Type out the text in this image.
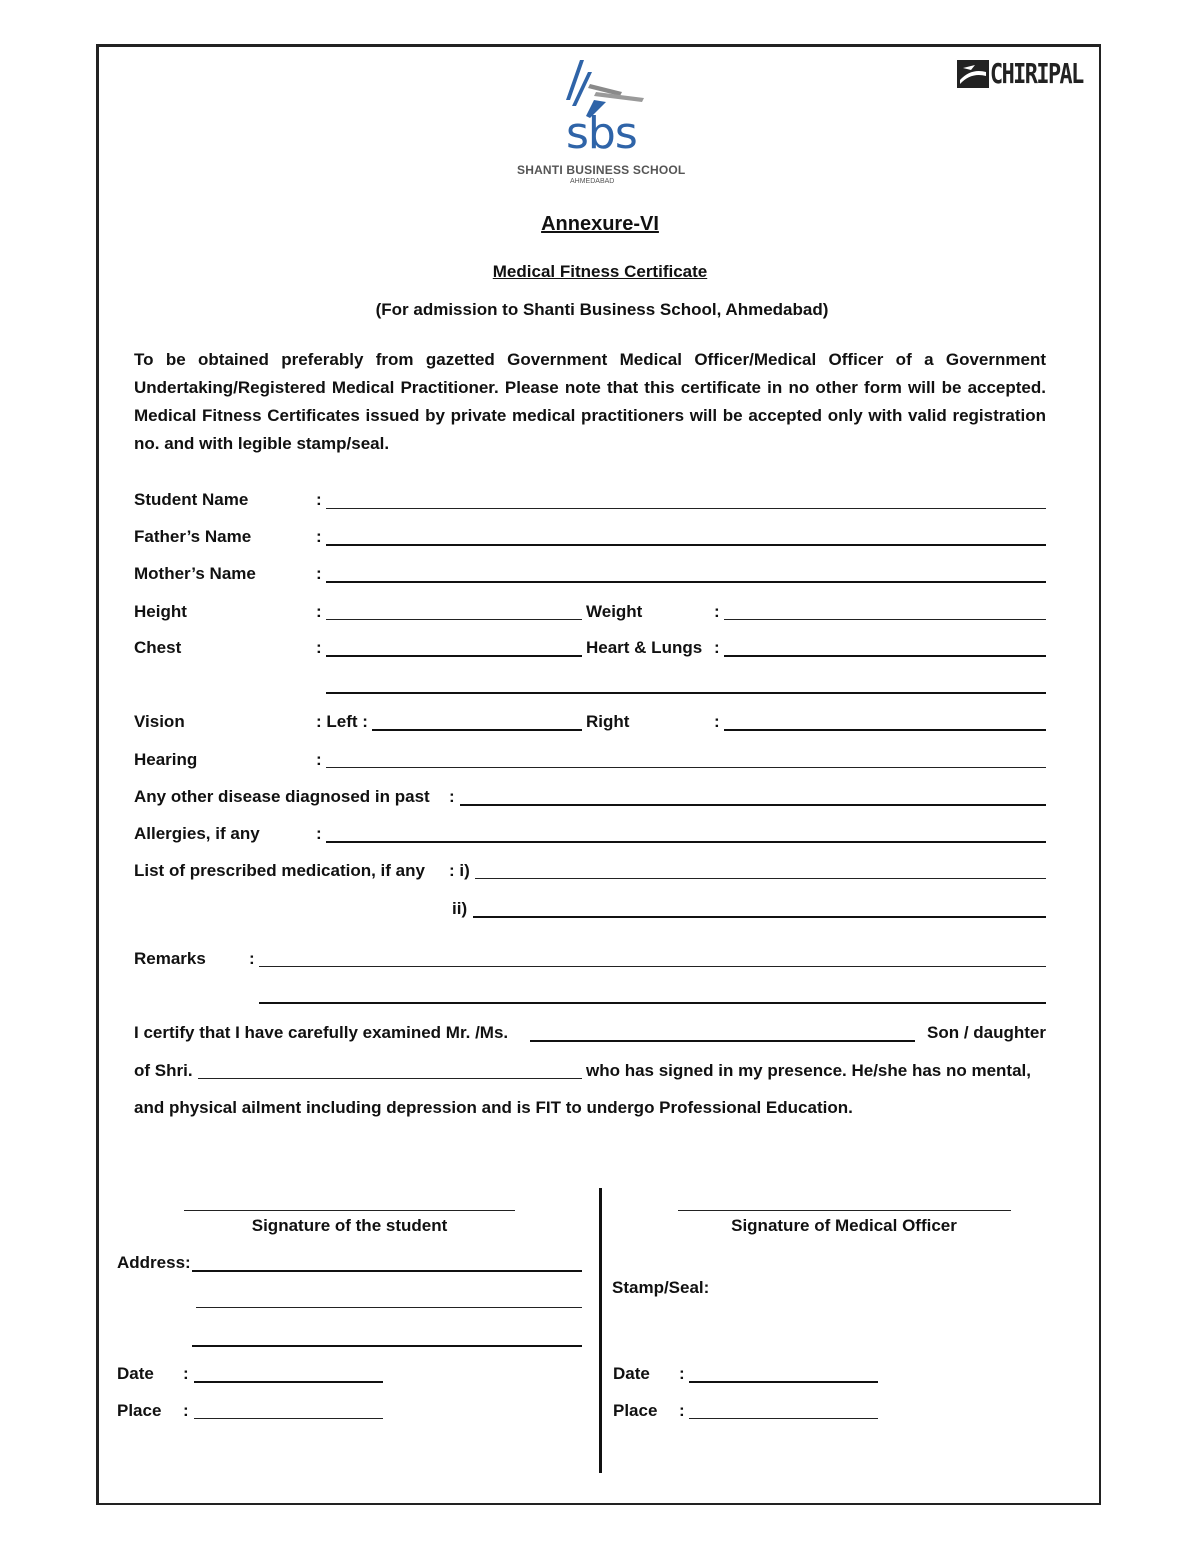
sbs
SHANTI BUSINESS SCHOOL
AHMEDABAD
CHIRIPAL
Annexure-VI
Medical Fitness Certificate
(For admission to Shanti Business School, Ahmedabad)
To be obtained preferably from gazetted Government Medical Officer/Medical Officer of a Government Undertaking/Registered Medical Practitioner. Please note that this certificate in no other form will be accepted. Medical Fitness Certificates issued by private medical practitioners will be accepted only with valid registration no. and with legible stamp/seal.
Student Name	:
Father’s Name	:
Mother’s Name	:
Height	:	Weight	:
Chest	:	Heart & Lungs :
Vision	: Left :	Right	:
Hearing	:
Any other disease diagnosed in past :
Allergies, if any	:
List of prescribed medication, if any : i)
ii)
Remarks	:
I certify that I have carefully examined Mr. /Ms.	Son / daughter
of Shri.	who has signed in my presence. He/she has no mental,
and physical ailment including depression and is FIT to undergo Professional Education.
Signature of the student
Address:
Date :
Place :
Signature of Medical Officer
Stamp/Seal:
Date :
Place :
